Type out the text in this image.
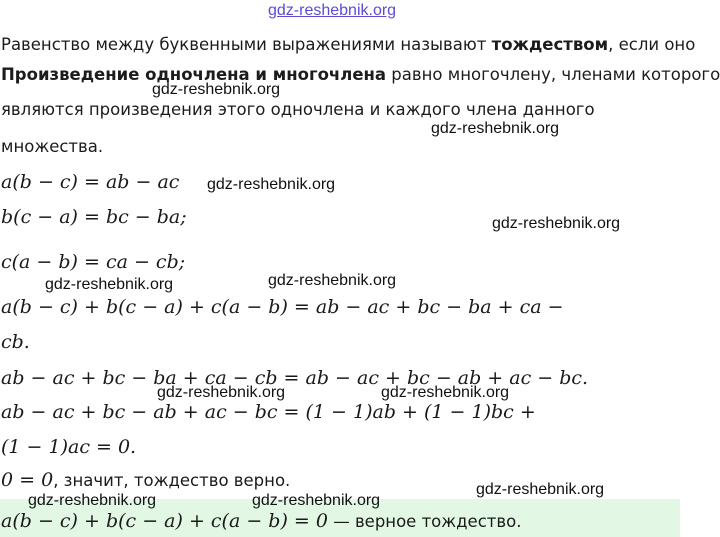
gdz-reshebnik.org
Равенство между буквенными выражениями называют тождеством, если оно
Произведение одночлена и многочлена равно многочлену, членами которого
gdz-reshebnik.org
являются произведения этого одночлена и каждого члена данного
gdz-reshebnik.org
множества.
a(b − c) = ab − ac gdz-reshebnik.org
b(c − a) = bc − ba;	gdz-reshebnik.org
c(a − b) = ca − cb;
gdz-reshebnik.org	gdz-reshebnik.org
a(b − c) + b(c − a) + c(a − b) = ab − ac + bc − ba + ca −
cb.
ab − ac + bc − ba + ca − cb = ab − ac + bc − ab + ac − bc.
gdz-reshebnik.org	gdz-reshebnik.org
ab − ac + bc − ab + ac − bc = (1 − 1)ab + (1 − 1)bc +
(1 − 1)ac = 0.
0 = 0, значит, тождество верно.	gdz-reshebnik.org
a(b − c) + b(c − a) + c(a − b) = 0 — верное тождество.
gdz-reshebnik.org	gdz-reshebnik.org
